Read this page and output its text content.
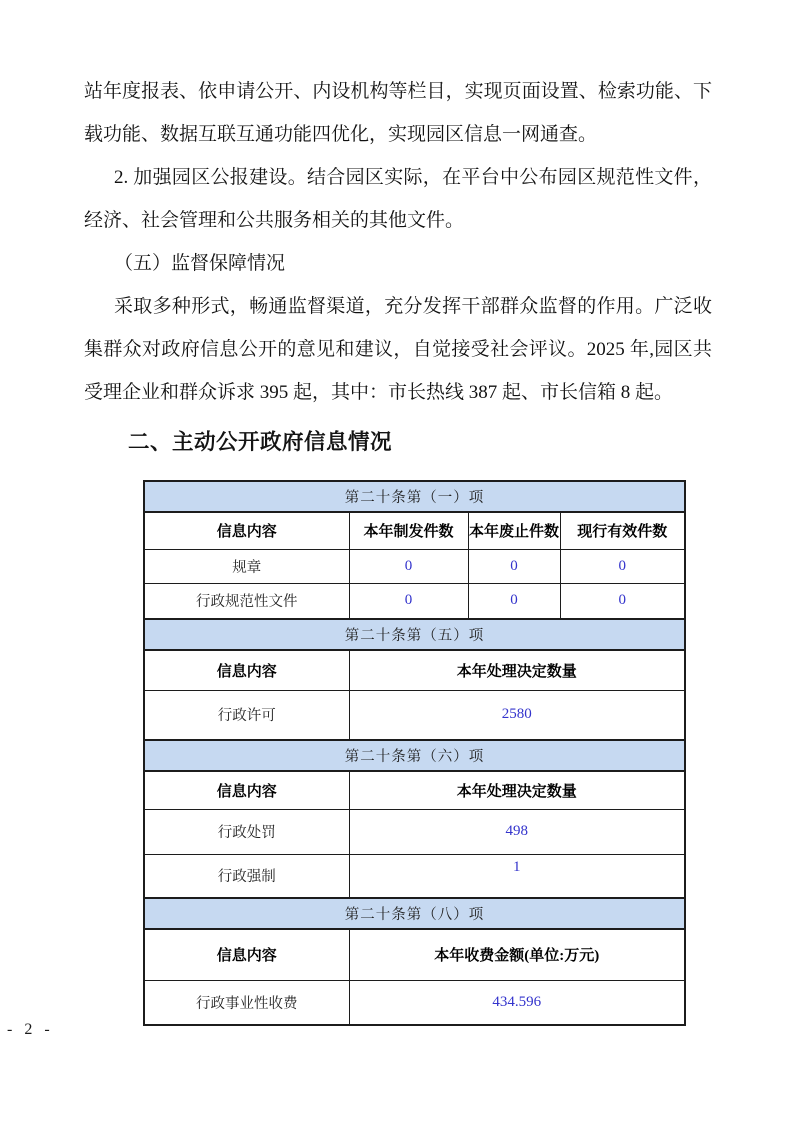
站年度报表、依申请公开、内设机构等栏目，实现页面设置、检索功能、下载功能、数据互联互通功能四优化，实现园区信息一网通查。

2. 加强园区公报建设。结合园区实际，在平台中公布园区规范性文件，经济、社会管理和公共服务相关的其他文件。

（五）监督保障情况

采取多种形式，畅通监督渠道，充分发挥干部群众监督的作用。广泛收集群众对政府信息公开的意见和建议，自觉接受社会评议。2025 年,园区共受理企业和群众诉求 395 起，其中：市长热线 387 起、市长信箱 8 起。

二、主动公开政府信息情况
第二十条第（一）项			
信息内容	本年制发件数	本年废止件数	现行有效件数
规章	0	0	0
行政规范性文件	0	0	0
第二十条第（五）项			
信息内容	本年处理决定数量		
行政许可	2580		
第二十条第（六）项			
信息内容	本年处理决定数量		
行政处罚	498		
行政强制	1		
第二十条第（八）项			
信息内容	本年收费金额(单位:万元)		
行政事业性收费	434.596		
- 2 -
